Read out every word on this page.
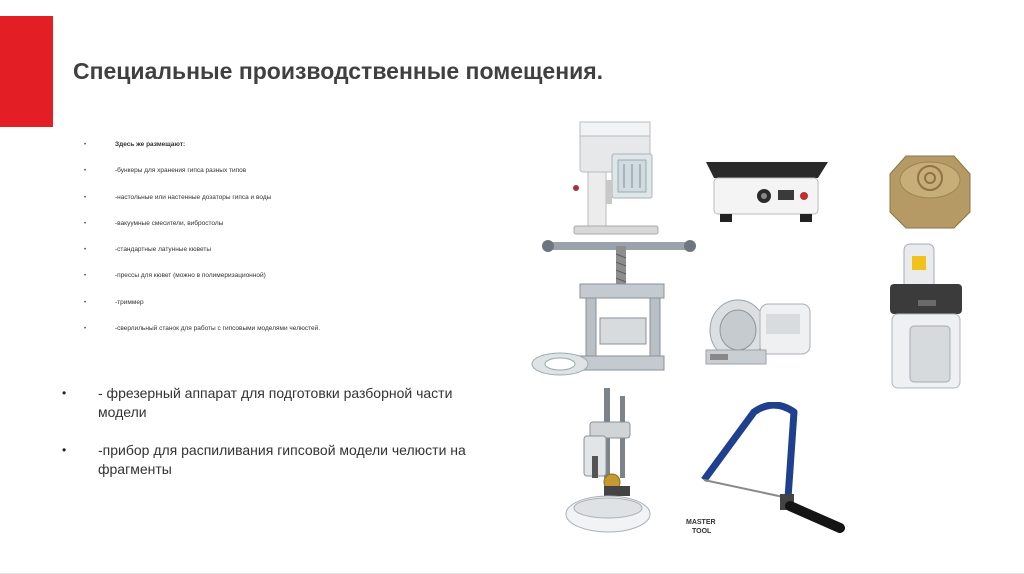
Специальные производственные помещения.
•	Здесь же размещают:
•	-бункеры для хранения гипса разных типов
•	-настольные или настенные дозаторы гипса и воды
•	-вакуумные смесители, вибростолы
•	-стандартные латунные кюветы
•	-прессы для кювет (можно в полимеризационной)
•	-триммер
•	-сверлильный станок для работы с гипсовыми моделями челюстей.
• - фрезерный аппарат для подготовки разборной части модели
• -прибор для распиливания гипсовой модели челюсти на фрагменты
MASTER
TOOL
